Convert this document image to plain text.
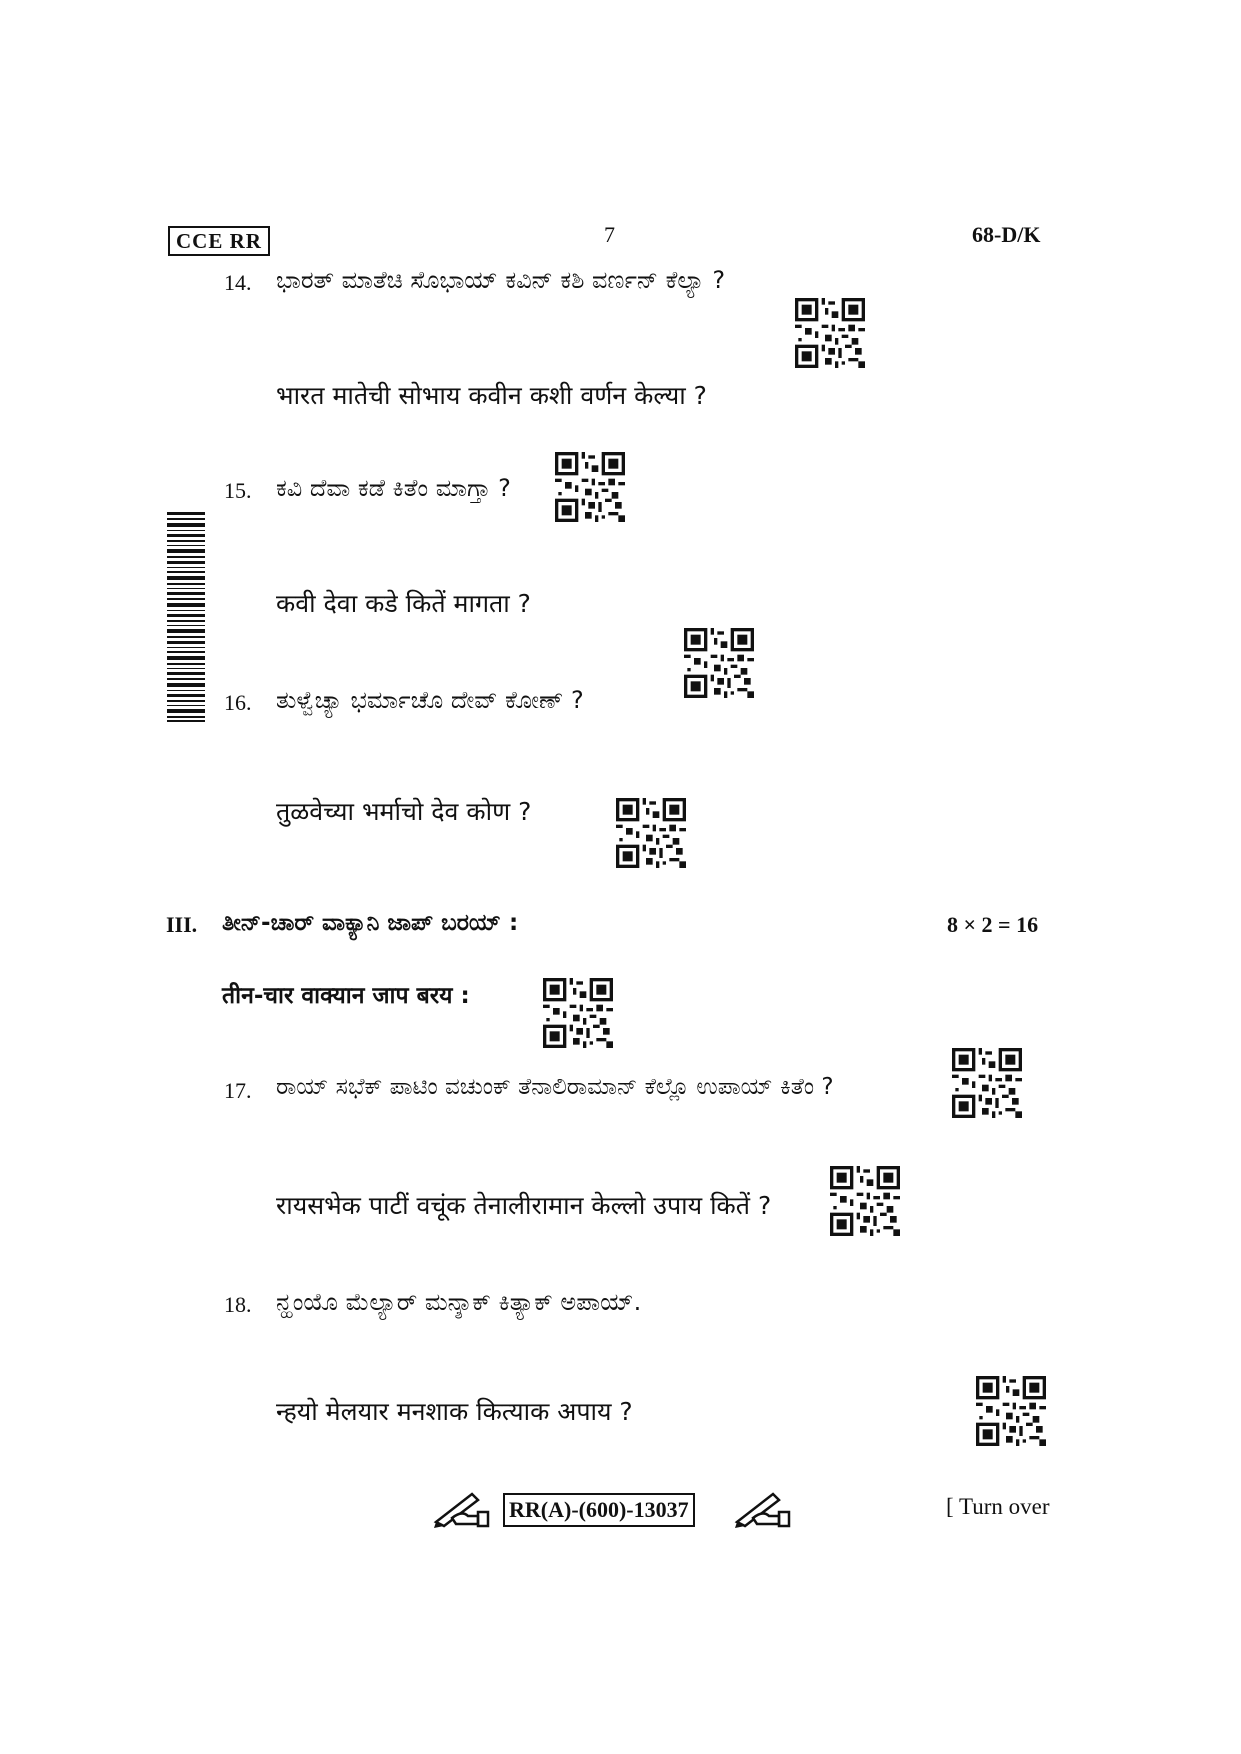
CCE RR	7	68-D/K
14. ಭಾರತ್ ಮಾತೆಚಿ ಸೊಭಾಯ್ ಕವಿನ್ ಕಶಿ ವರ್ಣನ್ ಕೆಲ್ಯಾ ?
भारत मातेची सोभाय कवीन कशी वर्णन केल्या ?
15. ಕವಿ ದೆವಾ ಕಡೆ ಕಿತೆಂ ಮಾಗ್ತಾ ?
कवी देवा कडे कितें मागता ?
16. ತುಳ್ವೆಚ್ಯಾ ಭರ್ಮಾಚೊ ದೇವ್ ಕೋಣ್ ?
तुळवेच्या भर्माचो देव कोण ?
III. ತೀನ್-ಚಾರ್ ವಾಕ್ಯಾನಿ ಜಾಪ್ ಬರಯ್ :	8 × 2 = 16
तीन-चार वाक्यान जाप बरय :
17. ರಾಯ್ ಸಭೆಕ್ ಪಾಟಿಂ ವಚುಂಕ್ ತೆನಾಲಿರಾಮಾನ್ ಕೆಲ್ಲೊ ಉಪಾಯ್ ಕಿತೆಂ ?
रायसभेक पाटीं वचूंक तेनालीरामान केल्लो उपाय कितें ?
18. ನ್ಹಂಯೊ ಮೆಲ್ಯಾರ್ ಮನ್ಶಾಕ್ ಕಿತ್ಯಾಕ್ ಅಪಾಯ್.
न्हयो मेलयार मनशाक कित्याक अपाय ?
RR(A)-(600)-13037	[ Turn over
